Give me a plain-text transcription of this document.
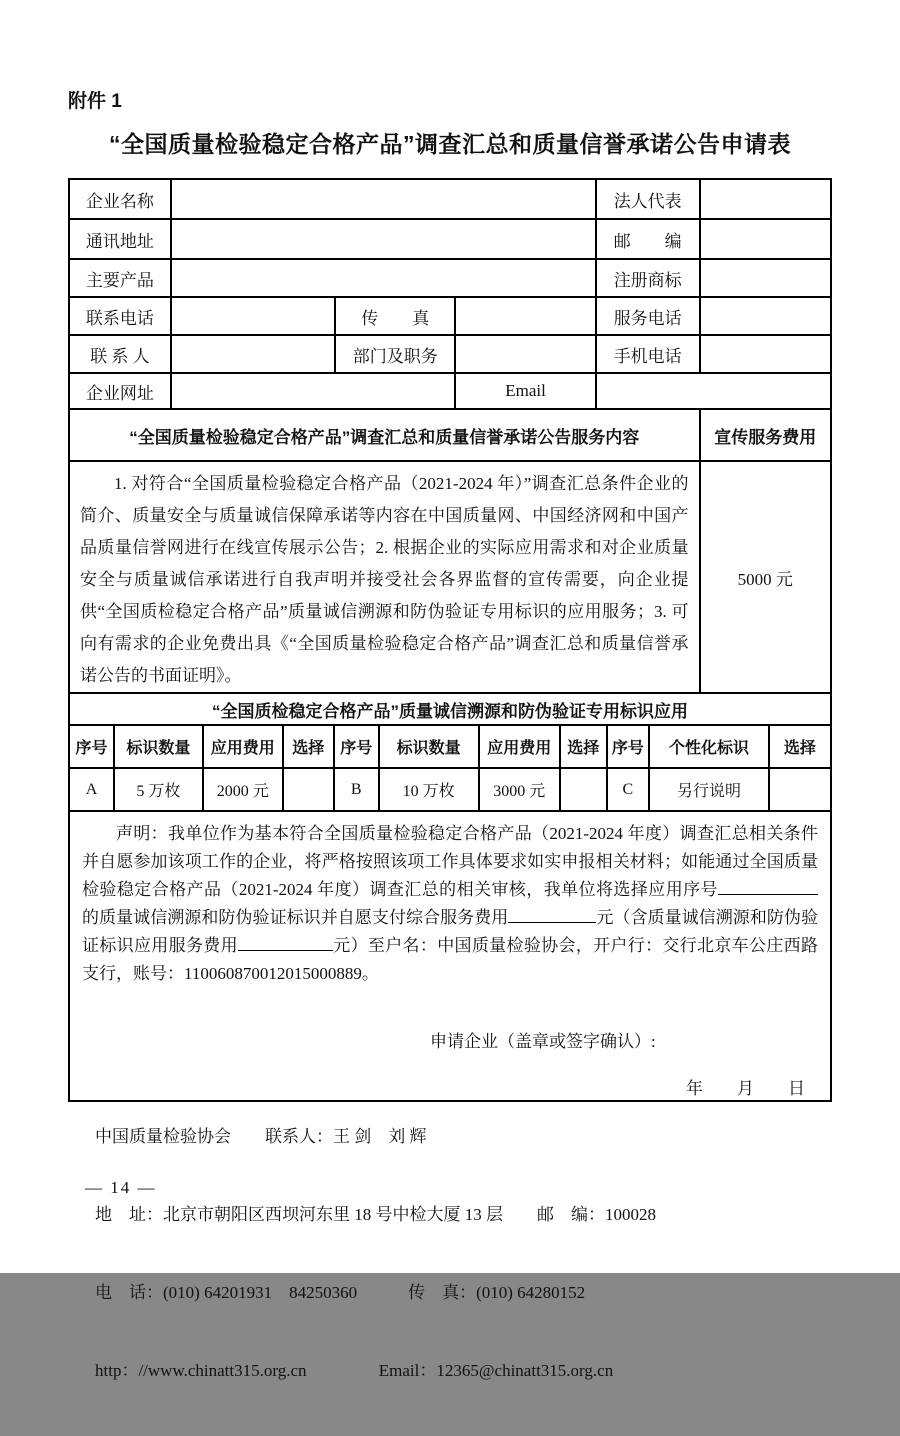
附件 1
“全国质量检验稳定合格产品”调查汇总和质量信誉承诺公告申请表
企业名称				法人代表	
通讯地址				邮　　编	
主要产品				注册商标	
联系电话		传　　真		服务电话	
联 系 人		部门及职务		手机电话	
企业网址			Email		
“全国质量检验稳定合格产品”调查汇总和质量信誉承诺公告服务内容					宣传服务费用

1. 对符合“全国质量检验稳定合格产品（2021-2024 年）”调查汇总条件企业的简介、质量安全与质量诚信保障承诺等内容在中国质量网、中国经济网和中国产品质量信誉网进行在线宣传展示公告；2. 根据企业的实际应用需求和对企业质量安全与质量诚信承诺进行自我声明并接受社会各界监督的宣传需要，向企业提供“全国质检稳定合格产品”质量诚信溯源和防伪验证专用标识的应用服务；3. 可向有需求的企业免费出具《“全国质量检验稳定合格产品”调查汇总和质量信誉承诺公告的书面证明》。					5000 元
“全国质检稳定合格产品”质量诚信溯源和防伪验证专用标识应用										
序号	标识数量	应用费用	选择	序号	标识数量	应用费用	选择	序号	个性化标识	选择
A	5 万枚	2000 元		B	10 万枚	3000 元		C	另行说明	
声明：我单位作为基本符合全国质量检验稳定合格产品（2021-2024 年度）调查汇总相关条件并自愿参加该项工作的企业，将严格按照该项工作具体要求如实申报相关材料；如能通过全国质量检验稳定合格产品（2021-2024 年度）调查汇总的相关审核，我单位将选择应用序号的质量诚信溯源和防伪验证标识并自愿支付综合服务费用	元（含质量诚信溯源和防伪验证标识应用服务费用	元）至户名：中国质量检验协会，开户行：交行北京车公庄西路支行，账号：110060870012015000889。
申请企业（盖章或签字确认）:
年　　月　　日

中国质量检验协会　　联系人：王 剑　刘 辉

地　址：北京市朝阳区西坝河东里 18 号中检大厦 13 层　　邮　编：100028

电　话：(010) 64201931　84250360　　　传　真：(010) 64280152

http：//www.chinatt315.org.cn　　　　 Email：12365@chinatt315.org.cn

— 14 —
